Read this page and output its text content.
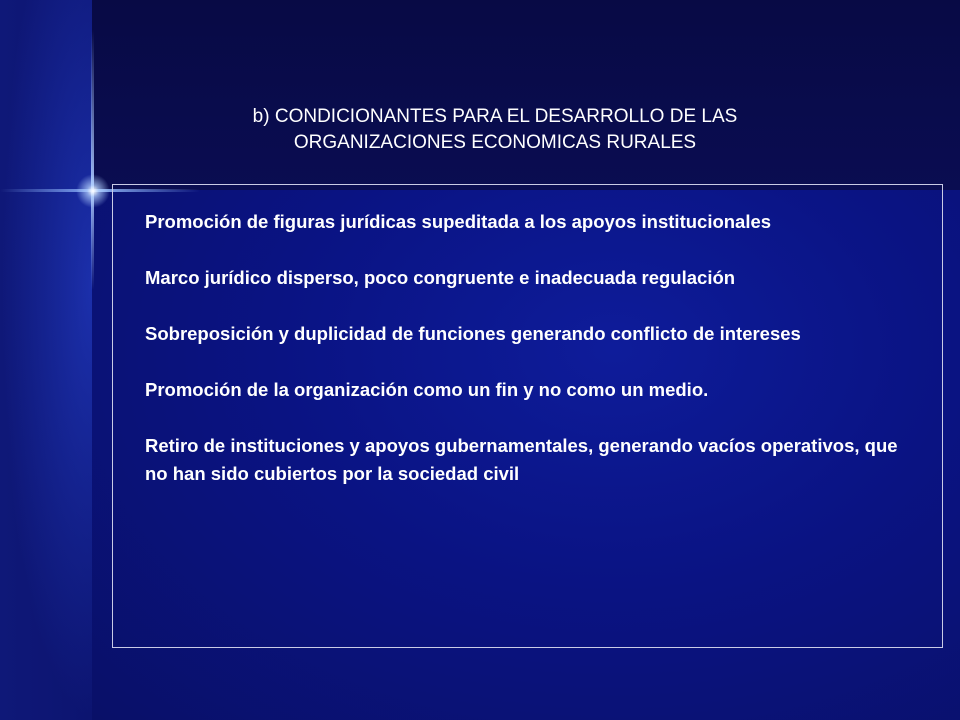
b) CONDICIONANTES PARA EL DESARROLLO DE LAS
ORGANIZACIONES ECONOMICAS RURALES

Promoción de figuras jurídicas supeditada a los apoyos institucionales

Marco jurídico disperso, poco congruente e inadecuada regulación

Sobreposición y duplicidad de funciones generando conflicto de intereses

Promoción de la organización como un fin y no como un medio.

Retiro de instituciones y apoyos gubernamentales, generando vacíos operativos, que no han sido cubiertos por la sociedad civil
